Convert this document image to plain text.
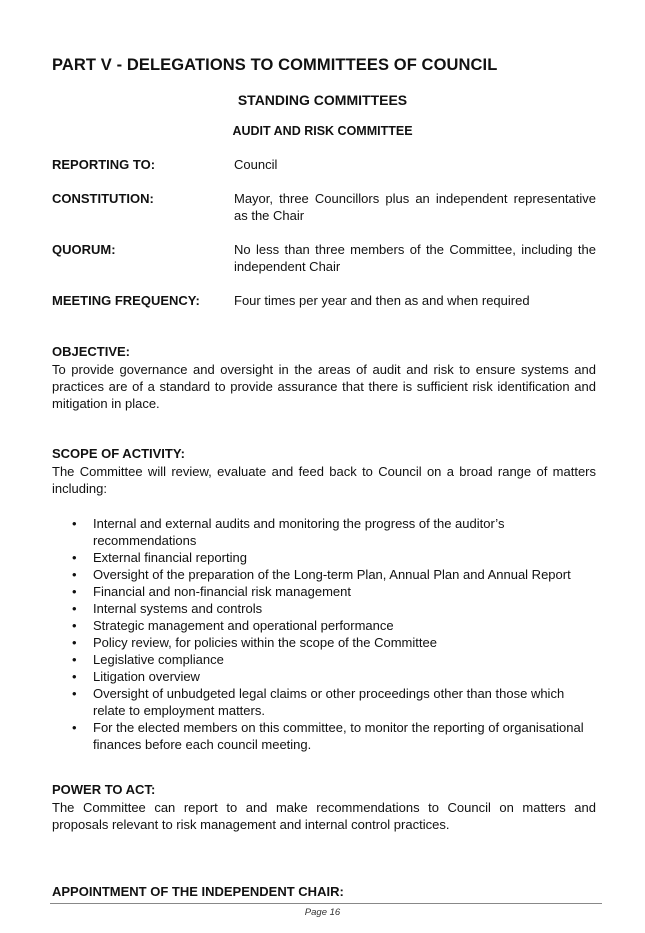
PART V - DELEGATIONS TO COMMITTEES OF COUNCIL
STANDING COMMITTEES
AUDIT AND RISK COMMITTEE
REPORTING TO:	Council
CONSTITUTION:	Mayor, three Councillors plus an independent representative as the Chair
QUORUM:	No less than three members of the Committee, including the independent Chair
MEETING FREQUENCY:	Four times per year and then as and when required
OBJECTIVE:
To provide governance and oversight in the areas of audit and risk to ensure systems and practices are of a standard to provide assurance that there is sufficient risk identification and mitigation in place.
SCOPE OF ACTIVITY:
The Committee will review, evaluate and feed back to Council on a broad range of matters including:
• Internal and external audits and monitoring the progress of the auditor’s recommendations
• External financial reporting
• Oversight of the preparation of the Long-term Plan, Annual Plan and Annual Report
• Financial and non-financial risk management
• Internal systems and controls
• Strategic management and operational performance
• Policy review, for policies within the scope of the Committee
• Legislative compliance
• Litigation overview
• Oversight of unbudgeted legal claims or other proceedings other than those which relate to employment matters.
• For the elected members on this committee, to monitor the reporting of organisational finances before each council meeting.
POWER TO ACT:
The Committee can report to and make recommendations to Council on matters and proposals relevant to risk management and internal control practices.
APPOINTMENT OF THE INDEPENDENT CHAIR:
Page 16
